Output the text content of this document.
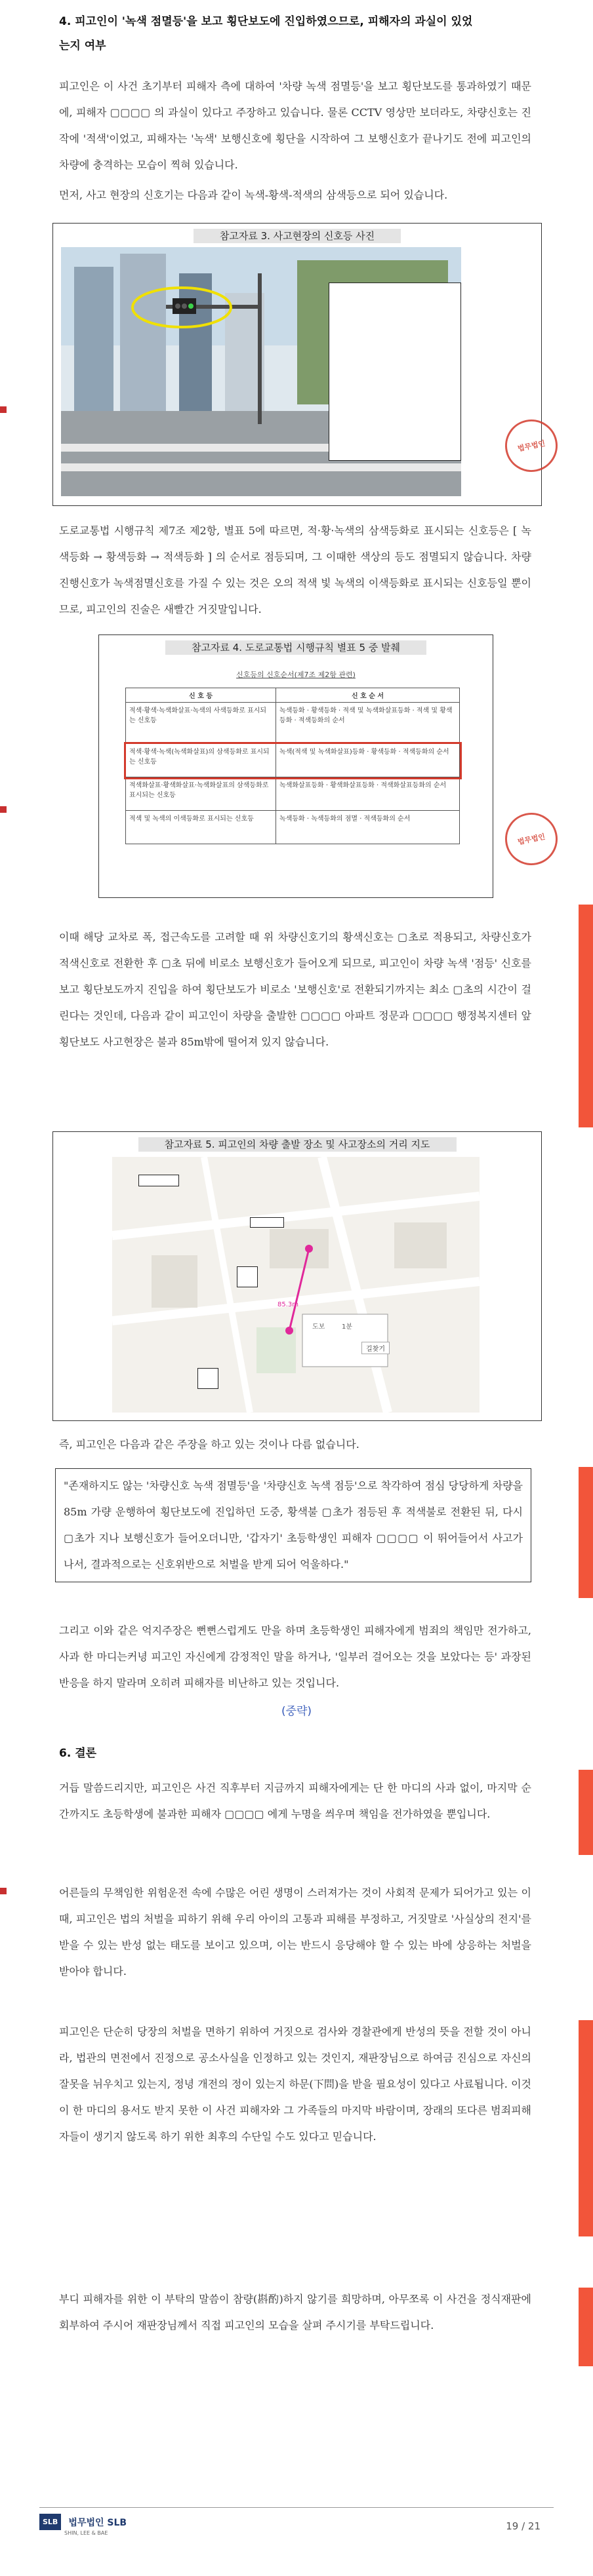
4. 피고인이 '녹색 점멸등'을 보고 횡단보도에 진입하였으므로, 피해자의 과실이 있었
는지 여부
피고인은 이 사건 초기부터 피해자 측에 대하여 '차량 녹색 점멸등'을 보고 횡단보도를 통과하였기 때문에, 피해자 ▢▢▢▢ 의 과실이 있다고 주장하고 있습니다. 물론 CCTV 영상만 보더라도, 차량신호는 진작에 '적색'이었고, 피해자는 '녹색' 보행신호에 횡단을 시작하여 그 보행신호가 끝나기도 전에 피고인의 차량에 충격하는 모습이 찍혀 있습니다.
먼저, 사고 현장의 신호기는 다음과 같이 녹색-황색-적색의 삼색등으로 되어 있습니다.
참고자료 3. 사고현장의 신호등 사진
법무법인
도로교통법 시행규칙 제7조 제2항, 별표 5에 따르면, 적·황·녹색의 삼색등화로 표시되는 신호등은 [ 녹색등화 → 황색등화 → 적색등화 ] 의 순서로 점등되며, 그 이때한 색상의 등도 점멸되지 않습니다. 차량진행신호가 녹색점멸신호를 가질 수 있는 것은 오의 적색 빛 녹색의 이색등화로 표시되는 신호등일 뿐이므로, 피고인의 진술은 새빨간 거짓말입니다.
참고자료 4. 도로교통법 시행규칙 별표 5 중 발췌
신호등의 신호순서(제7조 제2항 관련)
신 호 등	신 호 순 서
적색·황색·녹색화살표·녹색의 사색등화로 표시되는 신호등	녹색등화 · 황색등화 · 적색 및 녹색화살표등화 · 적색 및 황색등화 · 적색등화의 순서
적색·황색·녹색(녹색화살표)의 삼색등화로 표시되는 신호등	녹색(적색 및 녹색화살표)등화 · 황색등화 · 적색등화의 순서
적색화살표·황색화살표·녹색화살표의 삼색등화로 표시되는 신호등	녹색화살표등화 · 황색화살표등화 · 적색화살표등화의 순서
적색 및 녹색의 이색등화로 표시되는 신호등	녹색등화 · 녹색등화의 점멸 · 적색등화의 순서
법무법인
이때 해당 교차로 폭, 접근속도를 고려할 때 위 차량신호기의 황색신호는 ▢초로 적용되고, 차량신호가 적색신호로 전환한 후 ▢초 뒤에 비로소 보행신호가 들어오게 되므로, 피고인이 차량 녹색 '점등' 신호를 보고 횡단보도까지 진입을 하여 횡단보도가 비로소 '보행신호'로 전환되기까지는 최소 ▢초의 시간이 걸린다는 것인데, 다음과 같이 피고인이 차량을 출발한 ▢▢▢▢ 아파트 정문과 ▢▢▢▢ 행정복지센터 앞 횡단보도 사고현장은 불과 85m밖에 떨어져 있지 않습니다.
참고자료 5. 피고인의 차량 출발 장소 및 사고장소의 거리 지도
85.3m
도보	1분
길찾기
즉, 피고인은 다음과 같은 주장을 하고 있는 것이나 다름 없습니다.
"존재하지도 않는 '차량신호 녹색 점멸등'을 '차량신호 녹색 점등'으로 착각하여 점심 당당하게 차량을 85m 가량 운행하여 횡단보도에 진입하던 도중, 황색불 ▢초가 점등된 후 적색불로 전환된 뒤, 다시 ▢초가 지나 보행신호가 들어오더니만, '갑자기' 초등학생인 피해자 ▢▢▢▢ 이 뛰어들어서 사고가 나서, 결과적으로는 신호위반으로 처벌을 받게 되어 억울하다."
그리고 이와 같은 억지주장은 뻔뻔스럽게도 만을 하며 초등학생인 피해자에게 범죄의 책임만 전가하고, 사과 한 마디는커녕 피고인 자신에게 감정적인 말을 하거나, '일부러 걸어오는 것을 보았다는 등' 과장된 반응을 하지 말라며 오히려 피해자를 비난하고 있는 것입니다.
(중략)
6. 결론
거듭 말씀드리지만, 피고인은 사건 직후부터 지금까지 피해자에게는 단 한 마디의 사과 없이, 마지막 순간까지도 초등학생에 불과한 피해자 ▢▢▢▢ 에게 누명을 씌우며 책임을 전가하였을 뿐입니다.
어른들의 무책임한 위험운전 속에 수많은 어린 생명이 스러져가는 것이 사회적 문제가 되어가고 있는 이때, 피고인은 법의 처벌을 피하기 위해 우리 아이의 고통과 피해를 부정하고, 거짓말로 '사실상의 전지'를 받을 수 있는 반성 없는 태도를 보이고 있으며, 이는 반드시 응당해야 할 수 있는 바에 상응하는 처벌을 받아야 합니다.
피고인은 단순히 당장의 처벌을 면하기 위하여 거짓으로 검사와 경찰관에게 반성의 뜻을 전할 것이 아니라, 법관의 면전에서 진정으로 공소사실을 인정하고 있는 것인지, 재판장님으로 하여금 진심으로 자신의 잘못을 뉘우치고 있는지, 정녕 개전의 정이 있는지 하문(下問)을 받을 필요성이 있다고 사료됩니다. 이것이 한 마디의 용서도 받지 못한 이 사건 피해자와 그 가족들의 마지막 바람이며, 장래의 또다른 범죄피해자들이 생기지 않도록 하기 위한 최후의 수단일 수도 있다고 믿습니다.
부디 피해자를 위한 이 부탁의 말씀이 참량(斟酌)하지 않기를 희망하며, 아무쪼록 이 사건을 정식재판에 회부하여 주시어 재판장님께서 직접 피고인의 모습을 살펴 주시기를 부탁드립니다.
SLB 법무법인 SLB
SHIN, LEE & BAE
19 / 21
